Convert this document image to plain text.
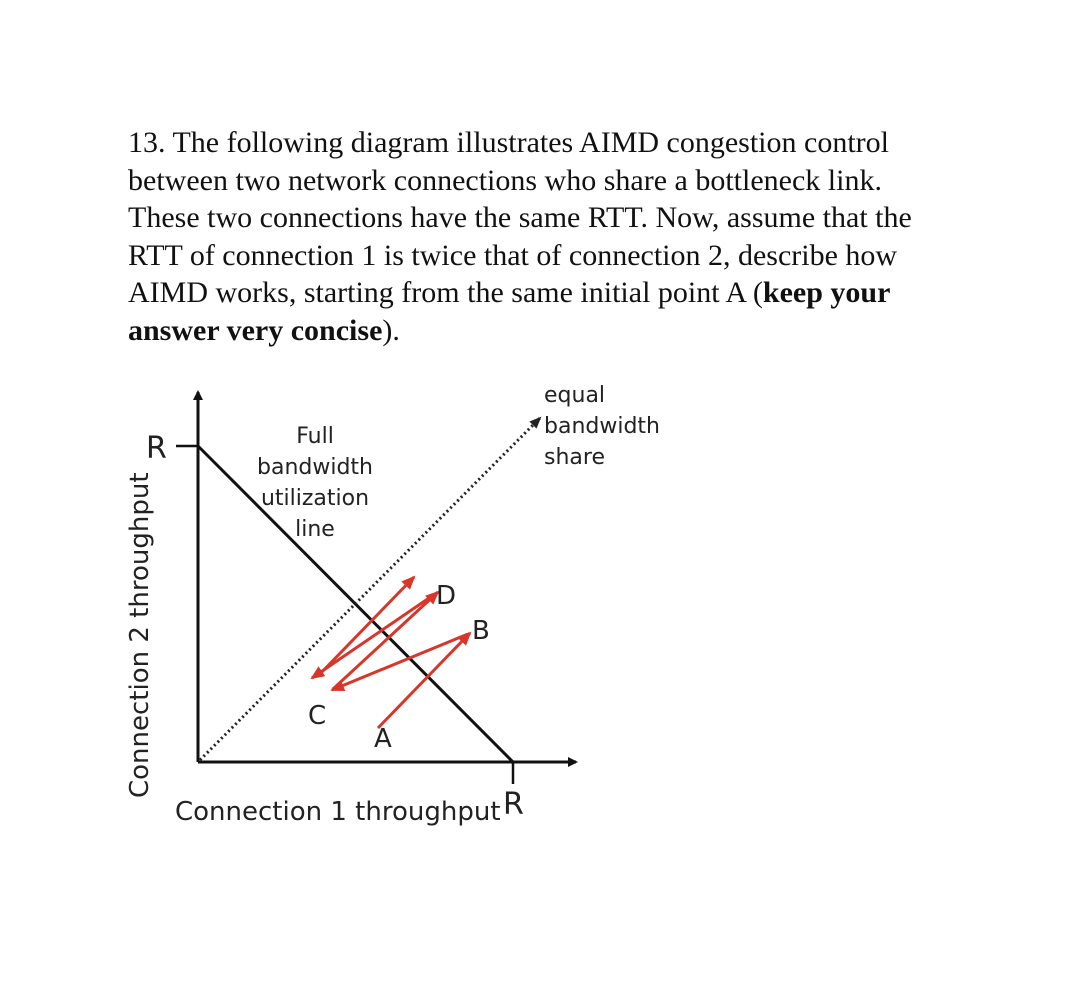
13. The following diagram illustrates AIMD congestion control between two network connections who share a bottleneck link. These two connections have the same RTT. Now, assume that the RTT of connection 1 is twice that of connection 2, describe how AIMD works, starting from the same initial point A (keep your answer very concise).
Connection 2 throughput
Connection 1 throughput
R
R
Full
bandwidth
utilization
line
equal
bandwidth
share
A
B
C
D
